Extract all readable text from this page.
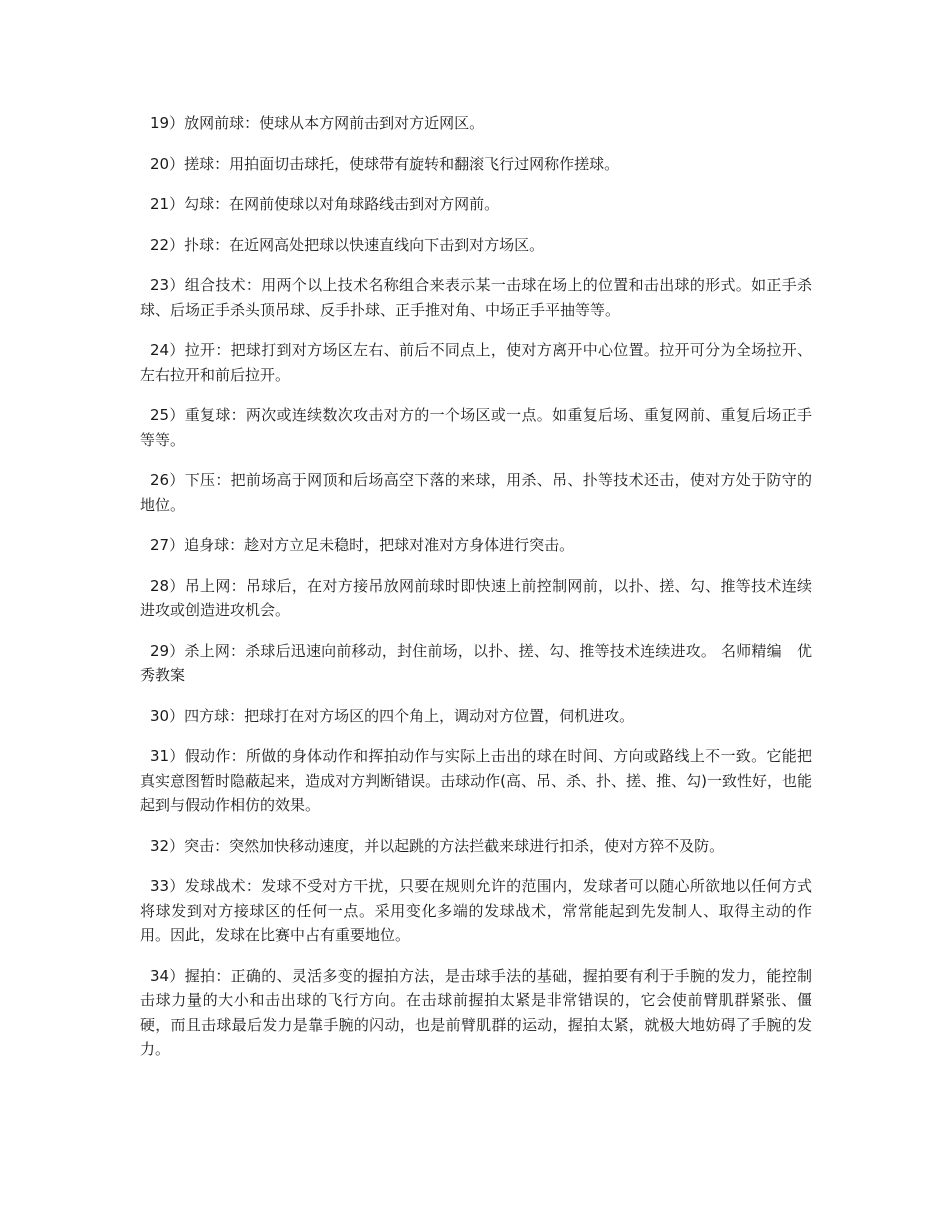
19）放网前球：使球从本方网前击到对方近网区。

20）搓球：用拍面切击球托，使球带有旋转和翻滚飞行过网称作搓球。

21）勾球：在网前使球以对角球路线击到对方网前。

22）扑球：在近网高处把球以快速直线向下击到对方场区。

23）组合技术：用两个以上技术名称组合来表示某一击球在场上的位置和击出球的形式。如正手杀球、后场正手杀头顶吊球、反手扑球、正手推对角、中场正手平抽等等。

24）拉开：把球打到对方场区左右、前后不同点上，使对方离开中心位置。拉开可分为全场拉开、左右拉开和前后拉开。

25）重复球：两次或连续数次攻击对方的一个场区或一点。如重复后场、重复网前、重复后场正手等等。

26）下压：把前场高于网顶和后场高空下落的来球，用杀、吊、扑等技术还击，使对方处于防守的地位。

27）追身球：趁对方立足未稳时，把球对准对方身体进行突击。

28）吊上网：吊球后，在对方接吊放网前球时即快速上前控制网前，以扑、搓、勾、推等技术连续进攻或创造进攻机会。

29）杀上网：杀球后迅速向前移动，封住前场，以扑、搓、勾、推等技术连续进攻。 名师精编　优秀教案

30）四方球：把球打在对方场区的四个角上，调动对方位置，伺机进攻。

31）假动作：所做的身体动作和挥拍动作与实际上击出的球在时间、方向或路线上不一致。它能把真实意图暂时隐蔽起来，造成对方判断错误。击球动作(高、吊、杀、扑、搓、推、勾)一致性好，也能起到与假动作相仿的效果。

32）突击：突然加快移动速度，并以起跳的方法拦截来球进行扣杀，使对方猝不及防。

33）发球战术：发球不受对方干扰，只要在规则允许的范围内，发球者可以随心所欲地以任何方式将球发到对方接球区的任何一点。采用变化多端的发球战术，常常能起到先发制人、取得主动的作用。因此，发球在比赛中占有重要地位。

34）握拍：正确的、灵活多变的握拍方法，是击球手法的基础，握拍要有利于手腕的发力，能控制击球力量的大小和击出球的飞行方向。在击球前握拍太紧是非常错误的，它会使前臂肌群紧张、僵硬，而且击球最后发力是靠手腕的闪动，也是前臂肌群的运动，握拍太紧，就极大地妨碍了手腕的发力。
